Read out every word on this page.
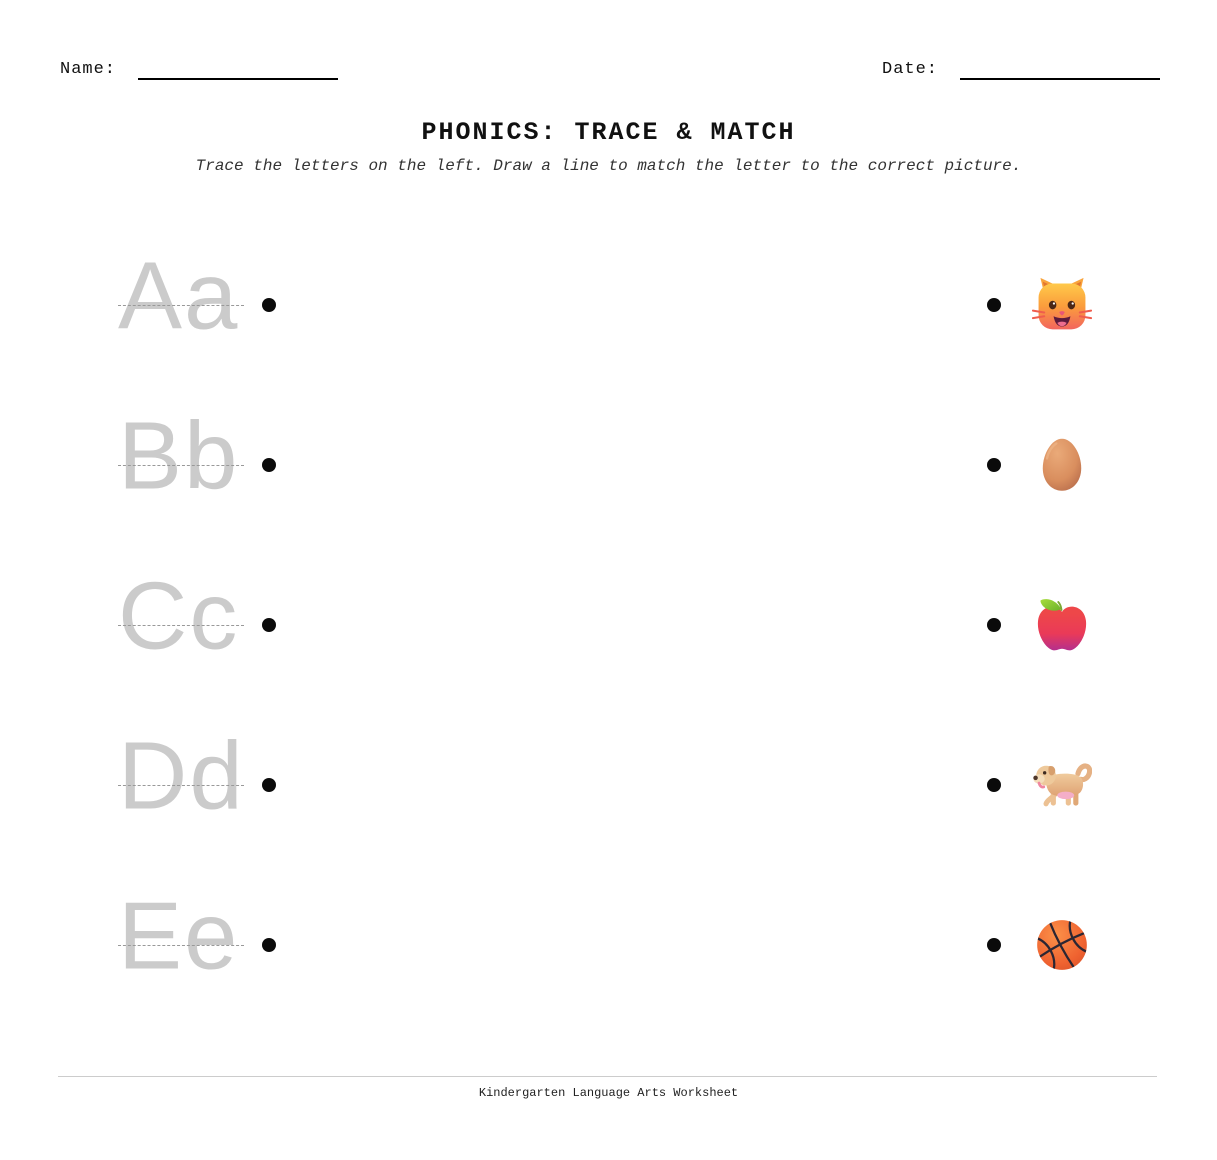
Name:	Date:
PHONICS: TRACE & MATCH
Trace the letters on the left. Draw a line to match the letter to the correct picture.
Aa
Bb
Cc
Dd
Ee
Kindergarten Language Arts Worksheet
